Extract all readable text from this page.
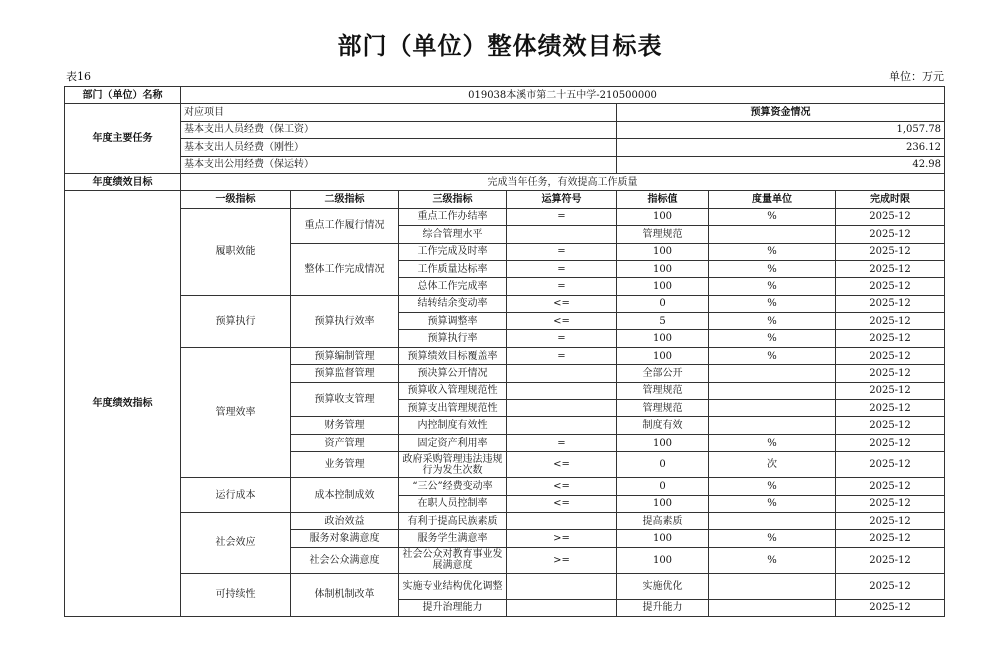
部门（单位）整体绩效目标表
表16	单位：万元
部门（单位）名称	019038本溪市第二十五中学-210500000						
年度主要任务	对应项目				预算资金情况		
	基本支出人员经费（保工资）				1,057.78		
	基本支出人员经费（刚性）				236.12		
	基本支出公用经费（保运转）				42.98		
年度绩效目标	完成当年任务，有效提高工作质量						
年度绩效指标	一级指标	二级指标	三级指标	运算符号	指标值	度量单位	完成时限
	履职效能	重点工作履行情况	重点工作办结率	=	100	%	2025-12
			综合管理水平		管理规范		2025-12
		整体工作完成情况	工作完成及时率	=	100	%	2025-12
			工作质量达标率	=	100	%	2025-12
			总体工作完成率	=	100	%	2025-12
	预算执行	预算执行效率	结转结余变动率	<=	0	%	2025-12
			预算调整率	<=	5	%	2025-12
			预算执行率	=	100	%	2025-12
	管理效率	预算编制管理	预算绩效目标覆盖率	=	100	%	2025-12
		预算监督管理	预决算公开情况		全部公开		2025-12
		预算收支管理	预算收入管理规范性		管理规范		2025-12
			预算支出管理规范性		管理规范		2025-12
		财务管理	内控制度有效性		制度有效		2025-12
		资产管理	固定资产利用率	=	100	%	2025-12
		业务管理	政府采购管理违法违规行为发生次数	<=	0	次	2025-12
	运行成本	成本控制成效	“三公”经费变动率	<=	0	%	2025-12
			在职人员控制率	<=	100	%	2025-12
	社会效应	政治效益	有利于提高民族素质		提高素质		2025-12
		服务对象满意度	服务学生满意率	>=	100	%	2025-12
		社会公众满意度	社会公众对教育事业发展满意度	>=	100	%	2025-12
	可持续性	体制机制改革	实施专业结构优化调整		实施优化		2025-12
			提升治理能力		提升能力		2025-12
